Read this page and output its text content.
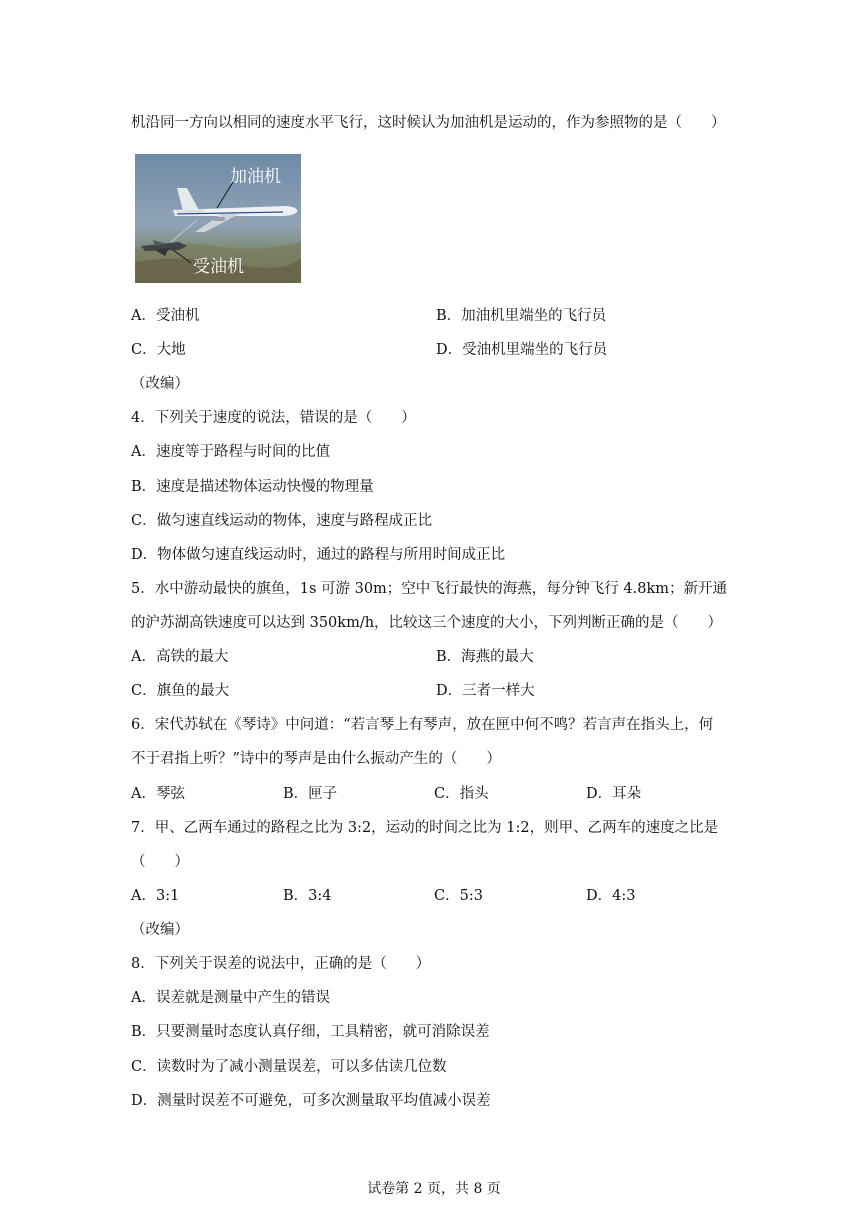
机沿同一方向以相同的速度水平飞行，这时候认为加油机是运动的，作为参照物的是（　　）
加油机
受油机
A．受油机	B．加油机里端坐的飞行员
C．大地	D．受油机里端坐的飞行员
（改编）
4．下列关于速度的说法，错误的是（　　）
A．速度等于路程与时间的比值
B．速度是描述物体运动快慢的物理量
C．做匀速直线运动的物体，速度与路程成正比
D．物体做匀速直线运动时，通过的路程与所用时间成正比
5．水中游动最快的旗鱼，1s 可游 30m；空中飞行最快的海燕，每分钟飞行 4.8km；新开通
的沪苏湖高铁速度可以达到 350km/h，比较这三个速度的大小，下列判断正确的是（　　）
A．高铁的最大	B．海燕的最大
C．旗鱼的最大	D．三者一样大
6．宋代苏轼在《琴诗》中问道：“若言琴上有琴声，放在匣中何不鸣？若言声在指头上，何
不于君指上听？”诗中的琴声是由什么振动产生的（　　）
A．琴弦	B．匣子	C．指头	D．耳朵
7．甲、乙两车通过的路程之比为 3:2，运动的时间之比为 1:2，则甲、乙两车的速度之比是
（　　）
A．3:1	B．3:4	C．5:3	D．4:3
（改编）
8．下列关于误差的说法中，正确的是（　　）
A．误差就是测量中产生的错误
B．只要测量时态度认真仔细，工具精密，就可消除误差
C．读数时为了减小测量误差，可以多估读几位数
D．测量时误差不可避免，可多次测量取平均值减小误差
试卷第 2 页，共 8 页
